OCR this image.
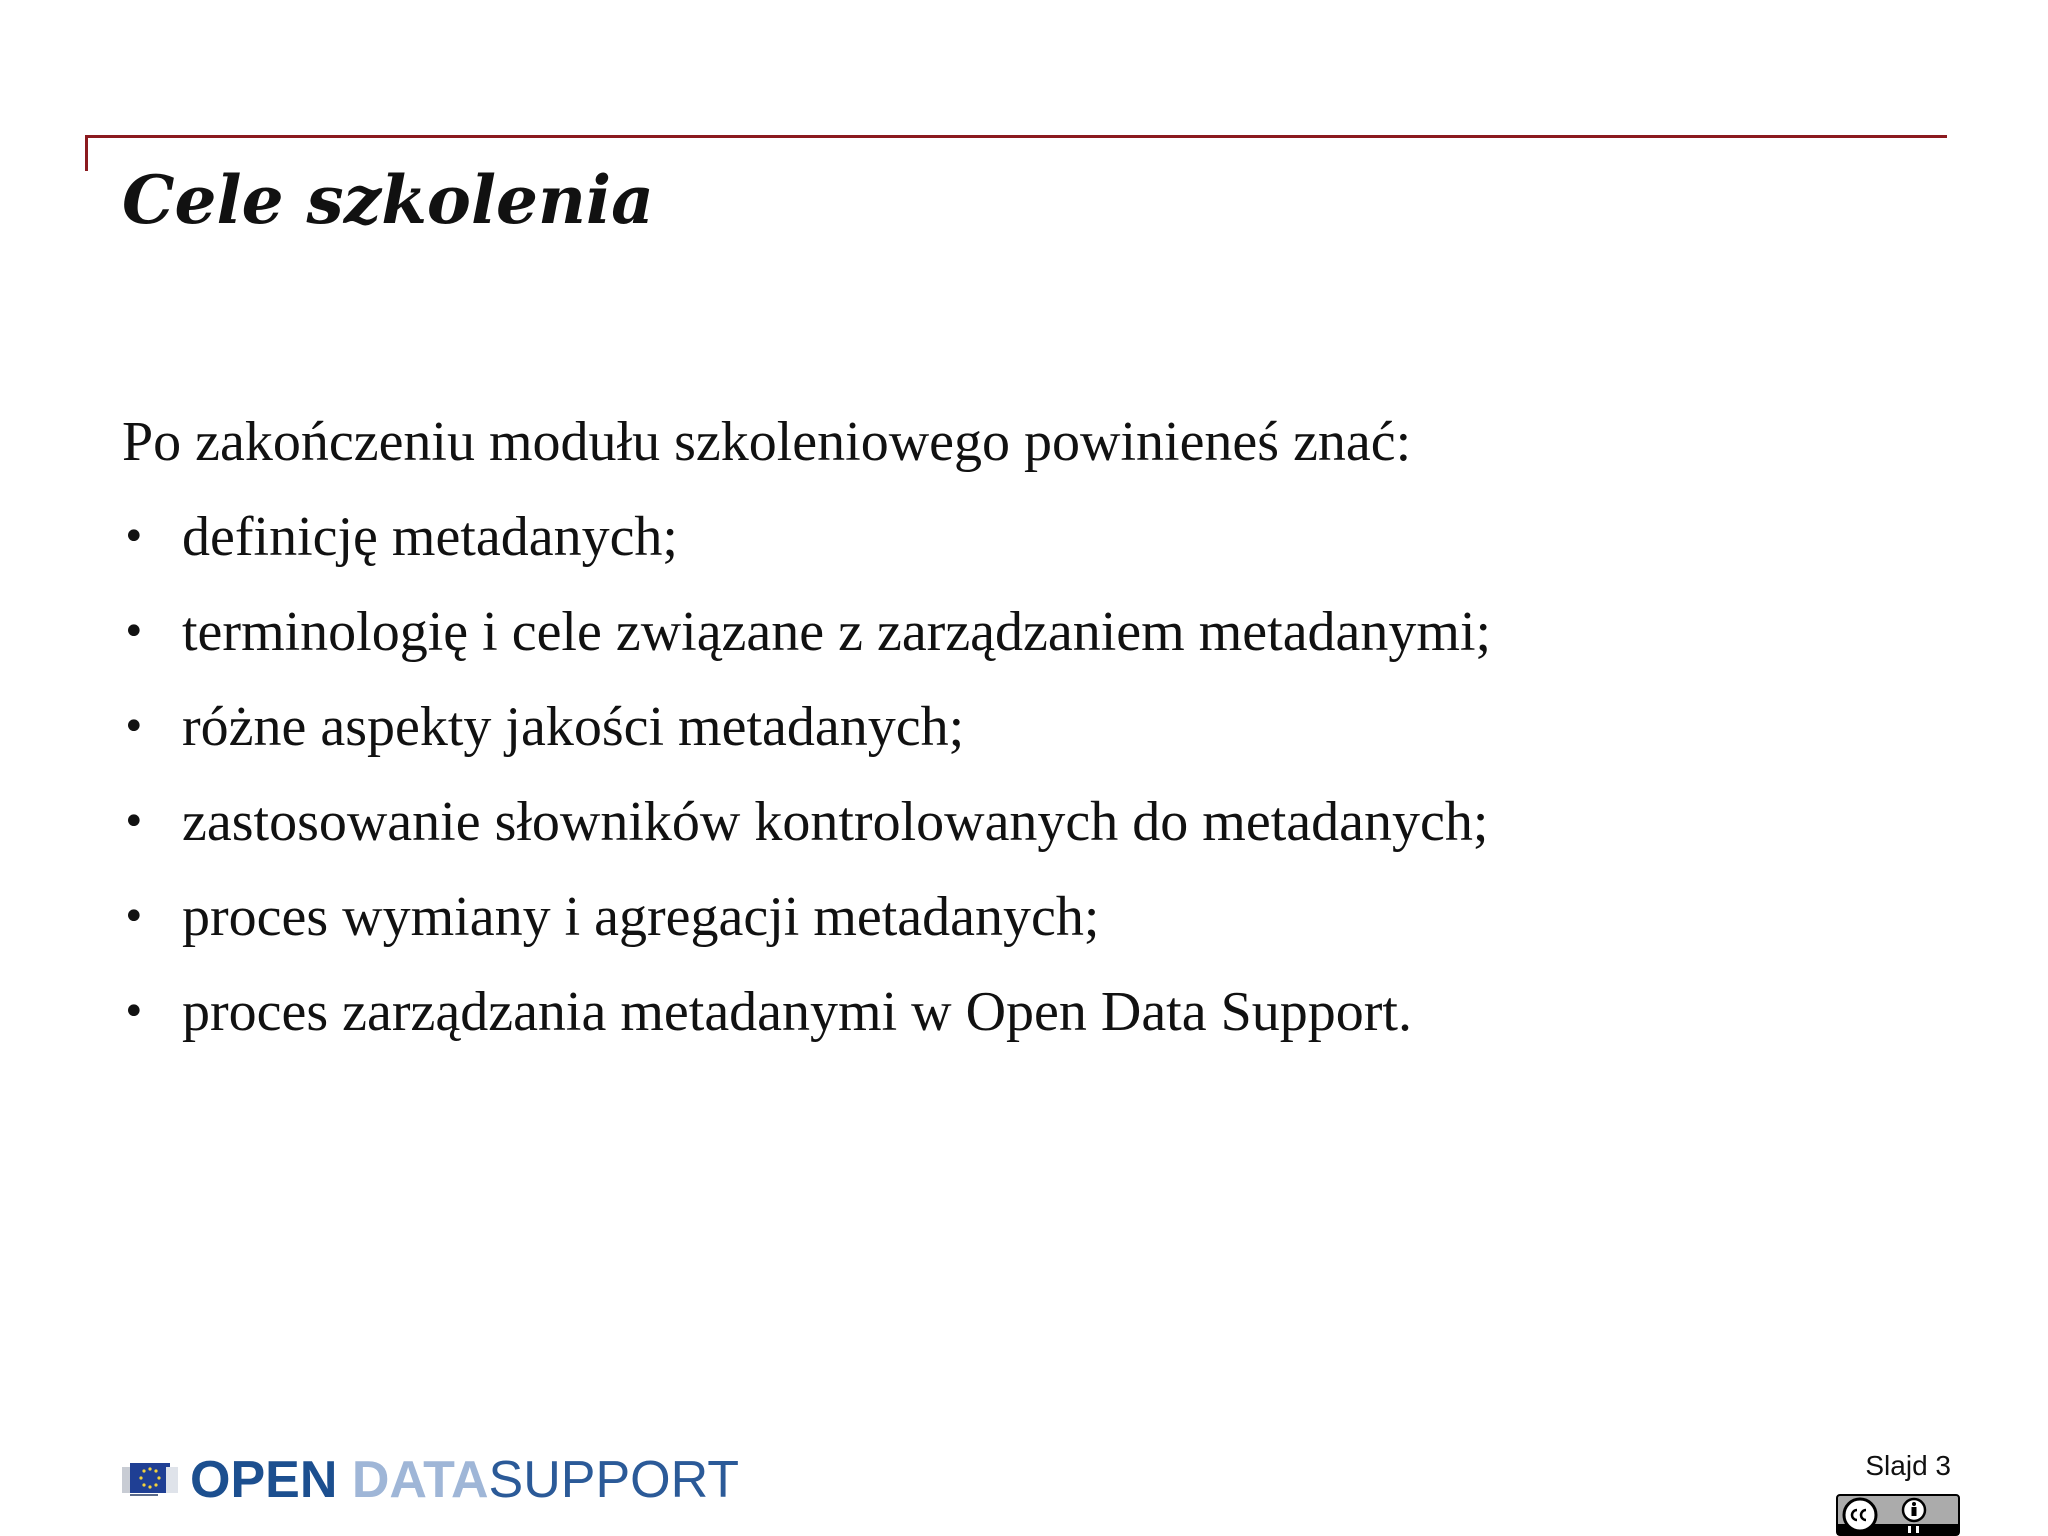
Cele szkolenia

Po zakończeniu modułu szkoleniowego powinieneś znać:

• definicję metadanych;
• terminologię i cele związane z zarządzaniem metadanymi;
• różne aspekty jakości metadanych;
• zastosowanie słowników kontrolowanych do metadanych;
• proces wymiany i agregacji metadanych;
• proces zarządzania metadanymi w Open Data Support.
OPEN DATASUPPORT	Slajd 3
